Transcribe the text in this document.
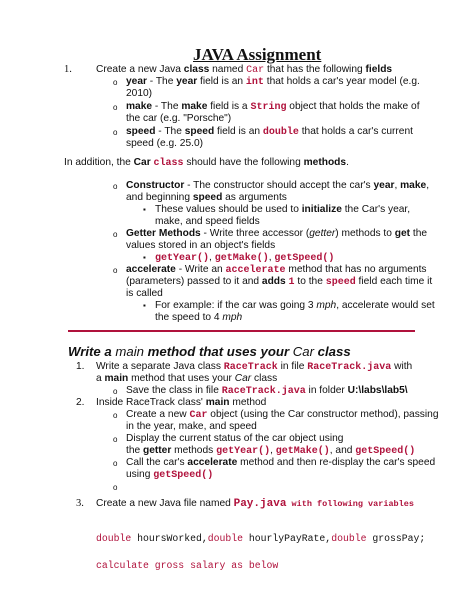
JAVA Assignment
1. Create a new Java class named Car that has the following fields
o year - The year field is an int that holds a car's year model (e.g.
2010)
o make - The make field is a String object that holds the make of
the car (e.g. "Porsche")
o speed - The speed field is an double that holds a car's current
speed (e.g. 25.0)
In addition, the Car class should have the following methods.
o Constructor - The constructor should accept the car's year, make,
and beginning speed as arguments
▪ These values should be used to initialize the Car's year,
make, and speed fields
o Getter Methods - Write three accessor (getter) methods to get the
values stored in an object's fields
▪ getYear(), getMake(), getSpeed()
o accelerate - Write an accelerate method that has no arguments
(parameters) passed to it and adds 1 to the speed field each time it
is called
▪ For example: if the car was going 3 mph, accelerate would set
the speed to 4 mph
Write a main method that uses your Car class
1. Write a separate Java class RaceTrack in file RaceTrack.java with
a main method that uses your Car class
o Save the class in file RaceTrack.java in folder U:\labs\lab5\
2. Inside RaceTrack class' main method
o Create a new Car object (using the Car constructor method), passing
in the year, make, and speed
o Display the current status of the car object using
the getter methods getYear(), getMake(), and getSpeed()
o Call the car's accelerate method and then re-display the car's speed
using getSpeed()
o
3. Create a new Java file named Pay.java with following variables
double hoursWorked,double hourlyPayRate,double grossPay;
calculate gross salary as below
